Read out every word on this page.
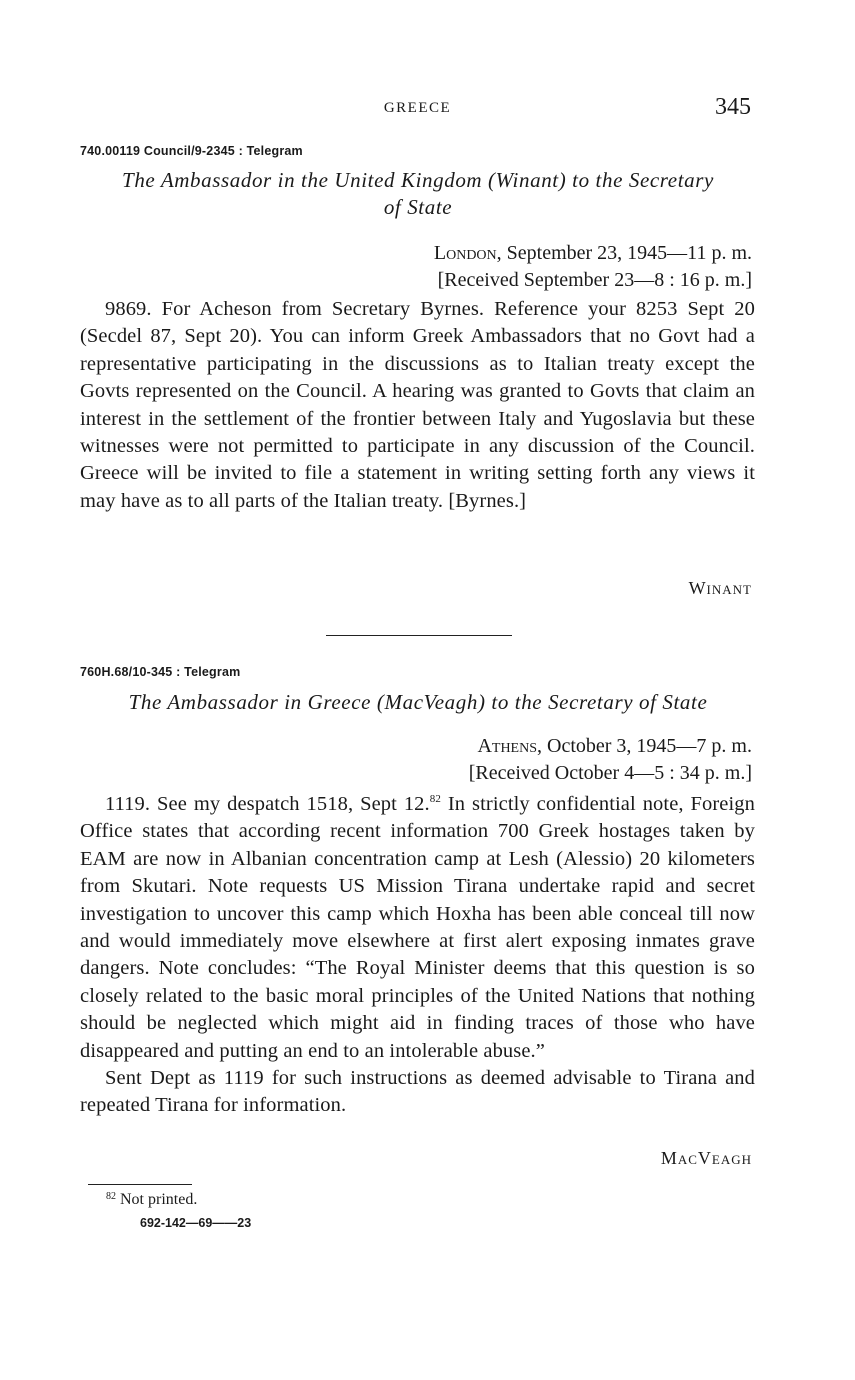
GREECE	345
740.00119 Council/9-2345 : Telegram
The Ambassador in the United Kingdom (Winant) to the Secretary
of State
London, September 23, 1945—11 p. m.
[Received September 23—8 : 16 p. m.]

9869. For Acheson from Secretary Byrnes. Reference your 8253 Sept 20 (Secdel 87, Sept 20). You can inform Greek Ambassadors that no Govt had a representative participating in the discussions as to Italian treaty except the Govts represented on the Council. A hearing was granted to Govts that claim an interest in the settlement of the frontier between Italy and Yugoslavia but these witnesses were not permitted to participate in any discussion of the Council. Greece will be invited to file a statement in writing setting forth any views it may have as to all parts of the Italian treaty. [Byrnes.]

Winant
760H.68/10-345 : Telegram
The Ambassador in Greece (MacVeagh) to the Secretary of State
Athens, October 3, 1945—7 p. m.
[Received October 4—5 : 34 p. m.]

1119. See my despatch 1518, Sept 12.82 In strictly confidential note, Foreign Office states that according recent information 700 Greek hostages taken by EAM are now in Albanian concentration camp at Lesh (Alessio) 20 kilometers from Skutari. Note requests US Mission Tirana undertake rapid and secret investigation to uncover this camp which Hoxha has been able conceal till now and would immediately move elsewhere at first alert exposing inmates grave dangers. Note concludes: “The Royal Minister deems that this question is so closely related to the basic moral principles of the United Nations that nothing should be neglected which might aid in finding traces of those who have disappeared and putting an end to an intolerable abuse.”

Sent Dept as 1119 for such instructions as deemed advisable to Tirana and repeated Tirana for information.

MacVeagh
$^{82}$ Not printed.
692-142—69——23
